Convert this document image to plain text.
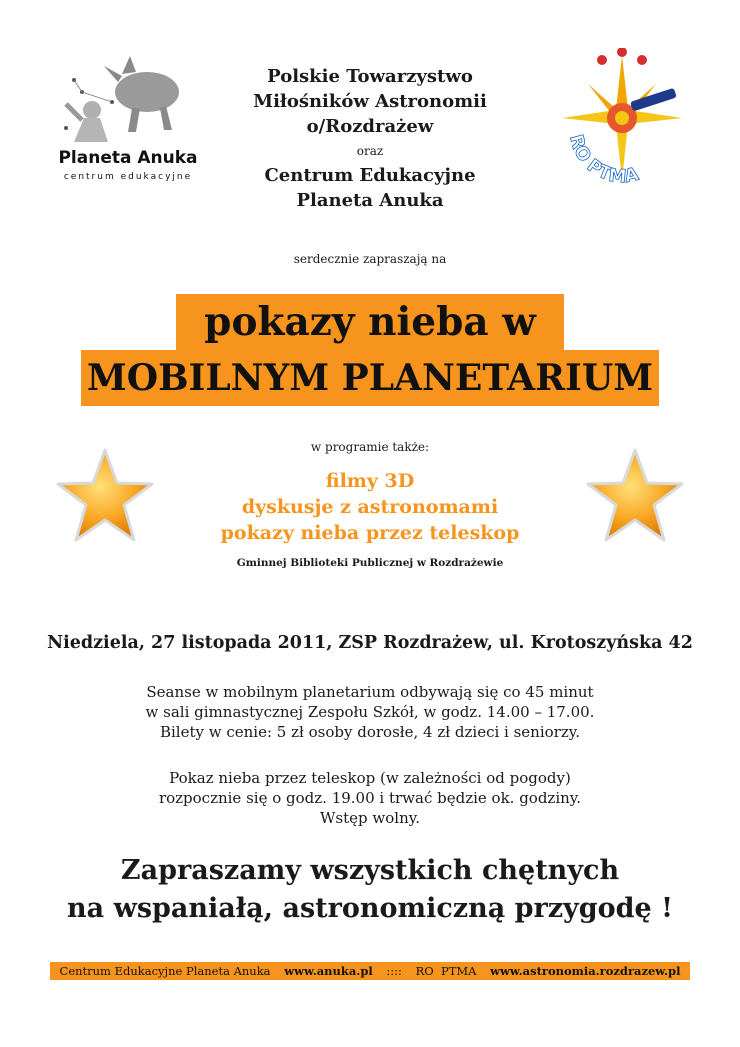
Planeta Anuka
centrum edukacyjne
RO PTMA
Polskie Towarzystwo
Miłośników Astronomii
o/Rozdrażew
oraz
Centrum Edukacyjne
Planeta Anuka
serdecznie zapraszają na
pokazy nieba w
MOBILNYM PLANETARIUM
w programie także:
filmy 3D
dyskusje z astronomami
pokazy nieba przez teleskop
Gminnej Biblioteki Publicznej w Rozdrażewie
Niedziela, 27 listopada 2011, ZSP Rozdrażew, ul. Krotoszyńska 42
Seanse w mobilnym planetarium odbywają się co 45 minut
w sali gimnastycznej Zespołu Szkół, w godz. 14.00 – 17.00.
Bilety w cenie: 5 zł osoby dorosłe, 4 zł dzieci i seniorzy.
Pokaz nieba przez teleskop (w zależności od pogody)
rozpocznie się o godz. 19.00 i trwać będzie ok. godziny.
Wstęp wolny.
Zapraszamy wszystkich chętnych
na wspaniałą, astronomiczną przygodę !
Centrum Edukacyjne Planeta Anuka www.anuka.pl :::: RO  PTMA www.astronomia.rozdrazew.pl
